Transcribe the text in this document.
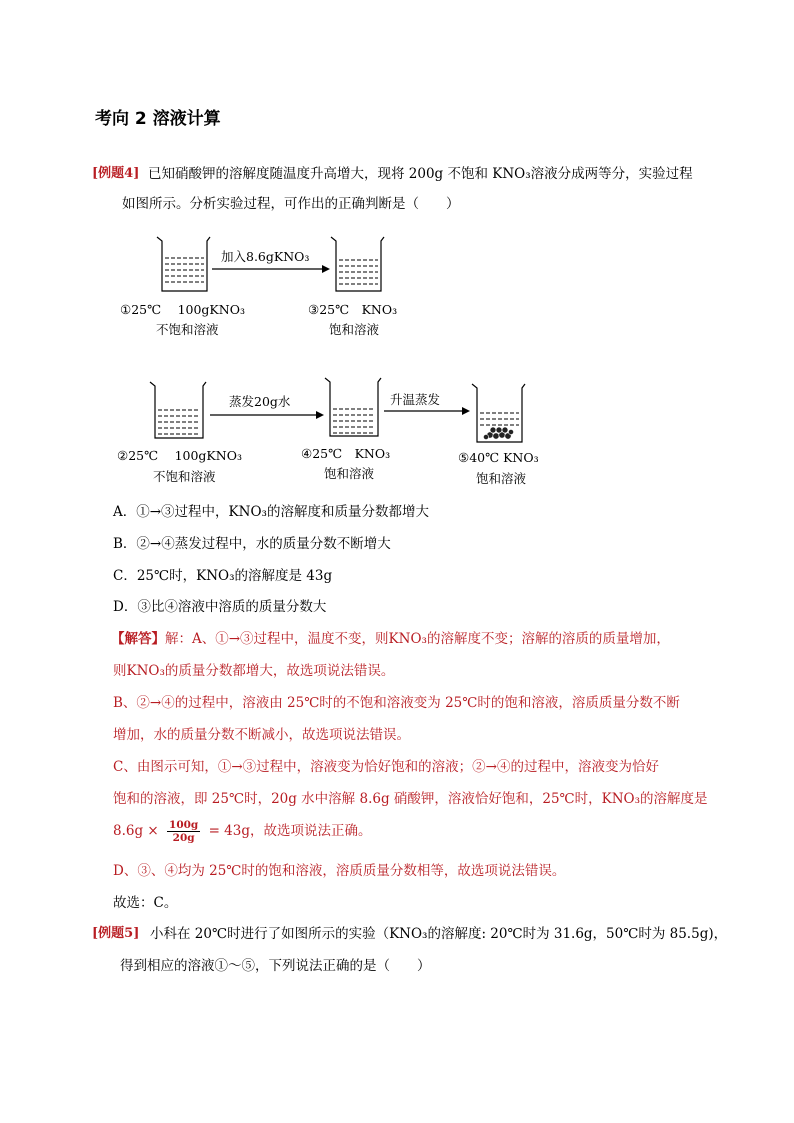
考向 2 溶液计算
[例题4] 已知硝酸钾的溶解度随温度升高增大，现将 200g 不饱和 KNO₃溶液分成两等分，实验过程
如图所示。分析实验过程，可作出的正确判断是（　　）
加入8.6gKNO₃
①25℃　 100gKNO₃
不饱和溶液
③25℃　KNO₃
饱和溶液
蒸发20g水	升温蒸发
②25℃　 100gKNO₃
不饱和溶液
④25℃　KNO₃
饱和溶液
⑤40℃ KNO₃
饱和溶液
A．①→③过程中，KNO₃的溶解度和质量分数都增大
B．②→④蒸发过程中，水的质量分数不断增大
C．25℃时，KNO₃的溶解度是 43g
D．③比④溶液中溶质的质量分数大
【解答】解：A、①→③过程中，温度不变，则KNO₃的溶解度不变；溶解的溶质的质量增加，
则KNO₃的质量分数都增大，故选项说法错误。
B、②→④的过程中，溶液由 25℃时的不饱和溶液变为 25℃时的饱和溶液，溶质质量分数不断
增加，水的质量分数不断减小，故选项说法错误。
C、由图示可知，①→③过程中，溶液变为恰好饱和的溶液；②→④的过程中，溶液变为恰好
饱和的溶液，即 25℃时，20g 水中溶解 8.6g 硝酸钾，溶液恰好饱和，25℃时，KNO₃的溶解度是
$8.6g \times \frac{100g}{20g} = 43g$，故选项说法正确。
D、③、④均为 25℃时的饱和溶液，溶质质量分数相等，故选项说法错误。
故选：C。
[例题5] 小科在 20℃时进行了如图所示的实验（KNO₃的溶解度: 20℃时为 31.6g，50℃时为 85.5g)，
得到相应的溶液①～⑤，下列说法正确的是（　　）
